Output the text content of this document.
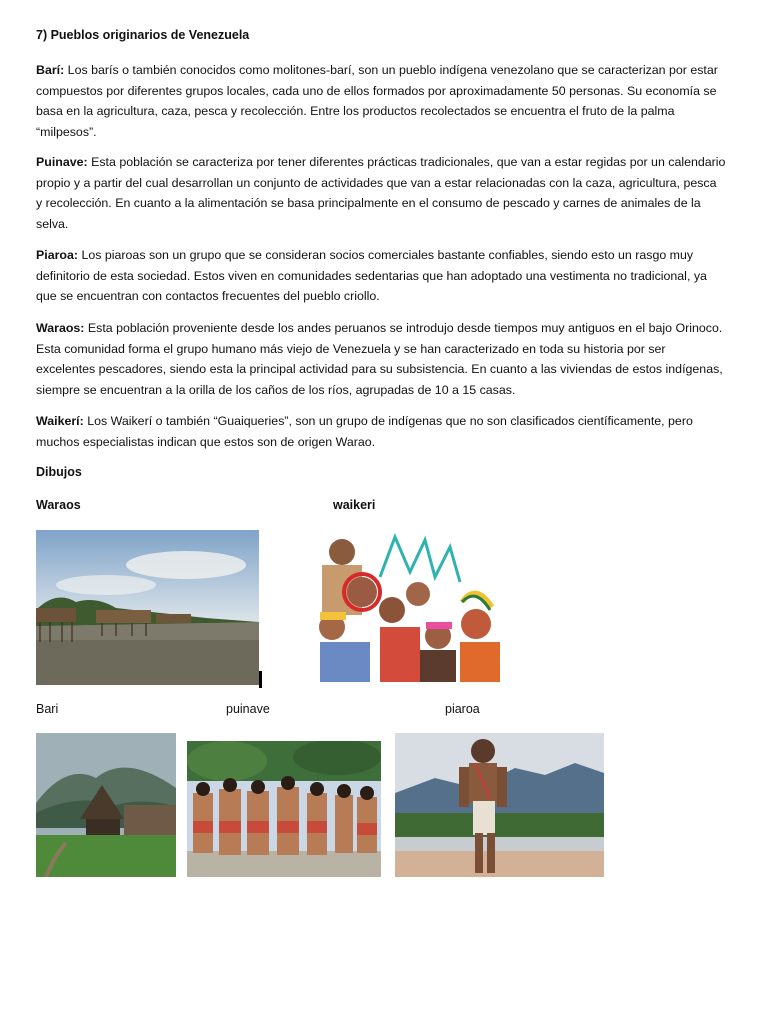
7) Pueblos originarios de Venezuela
Barí: Los barís o también conocidos como molitones-barí, son un pueblo indígena venezolano que se caracterizan por estar compuestos por diferentes grupos locales, cada uno de ellos formados por aproximadamente 50 personas. Su economía se basa en la agricultura, caza, pesca y recolección. Entre los productos recolectados se encuentra el fruto de la palma “milpesos”.
Puinave: Esta población se caracteriza por tener diferentes prácticas tradicionales, que van a estar regidas por un calendario propio y a partir del cual desarrollan un conjunto de actividades que van a estar relacionadas con la caza, agricultura, pesca y recolección. En cuanto a la alimentación se basa principalmente en el consumo de pescado y carnes de animales de la selva.
Piaroa: Los piaroas son un grupo que se consideran socios comerciales bastante confiables, siendo esto un rasgo muy definitorio de esta sociedad. Estos viven en comunidades sedentarias que han adoptado una vestimenta no tradicional, ya que se encuentran con contactos frecuentes del pueblo criollo.
Waraos: Esta población proveniente desde los andes peruanos se introdujo desde tiempos muy antiguos en el bajo Orinoco. Esta comunidad forma el grupo humano más viejo de Venezuela y se han caracterizado en toda su historia por ser excelentes pescadores, siendo esta la principal actividad para su subsistencia. En cuanto a las viviendas de estos indígenas, siempre se encuentran a la orilla de los caños de los ríos, agrupadas de 10 a 15 casas.
Waikerí: Los Waikerí o también “Guaiqueries”, son un grupo de indígenas que no son clasificados científicamente, pero muchos especialistas indican que estos son de origen Warao.
Dibujos
Waraos	waikeri
Bari	puinave	piaroa
